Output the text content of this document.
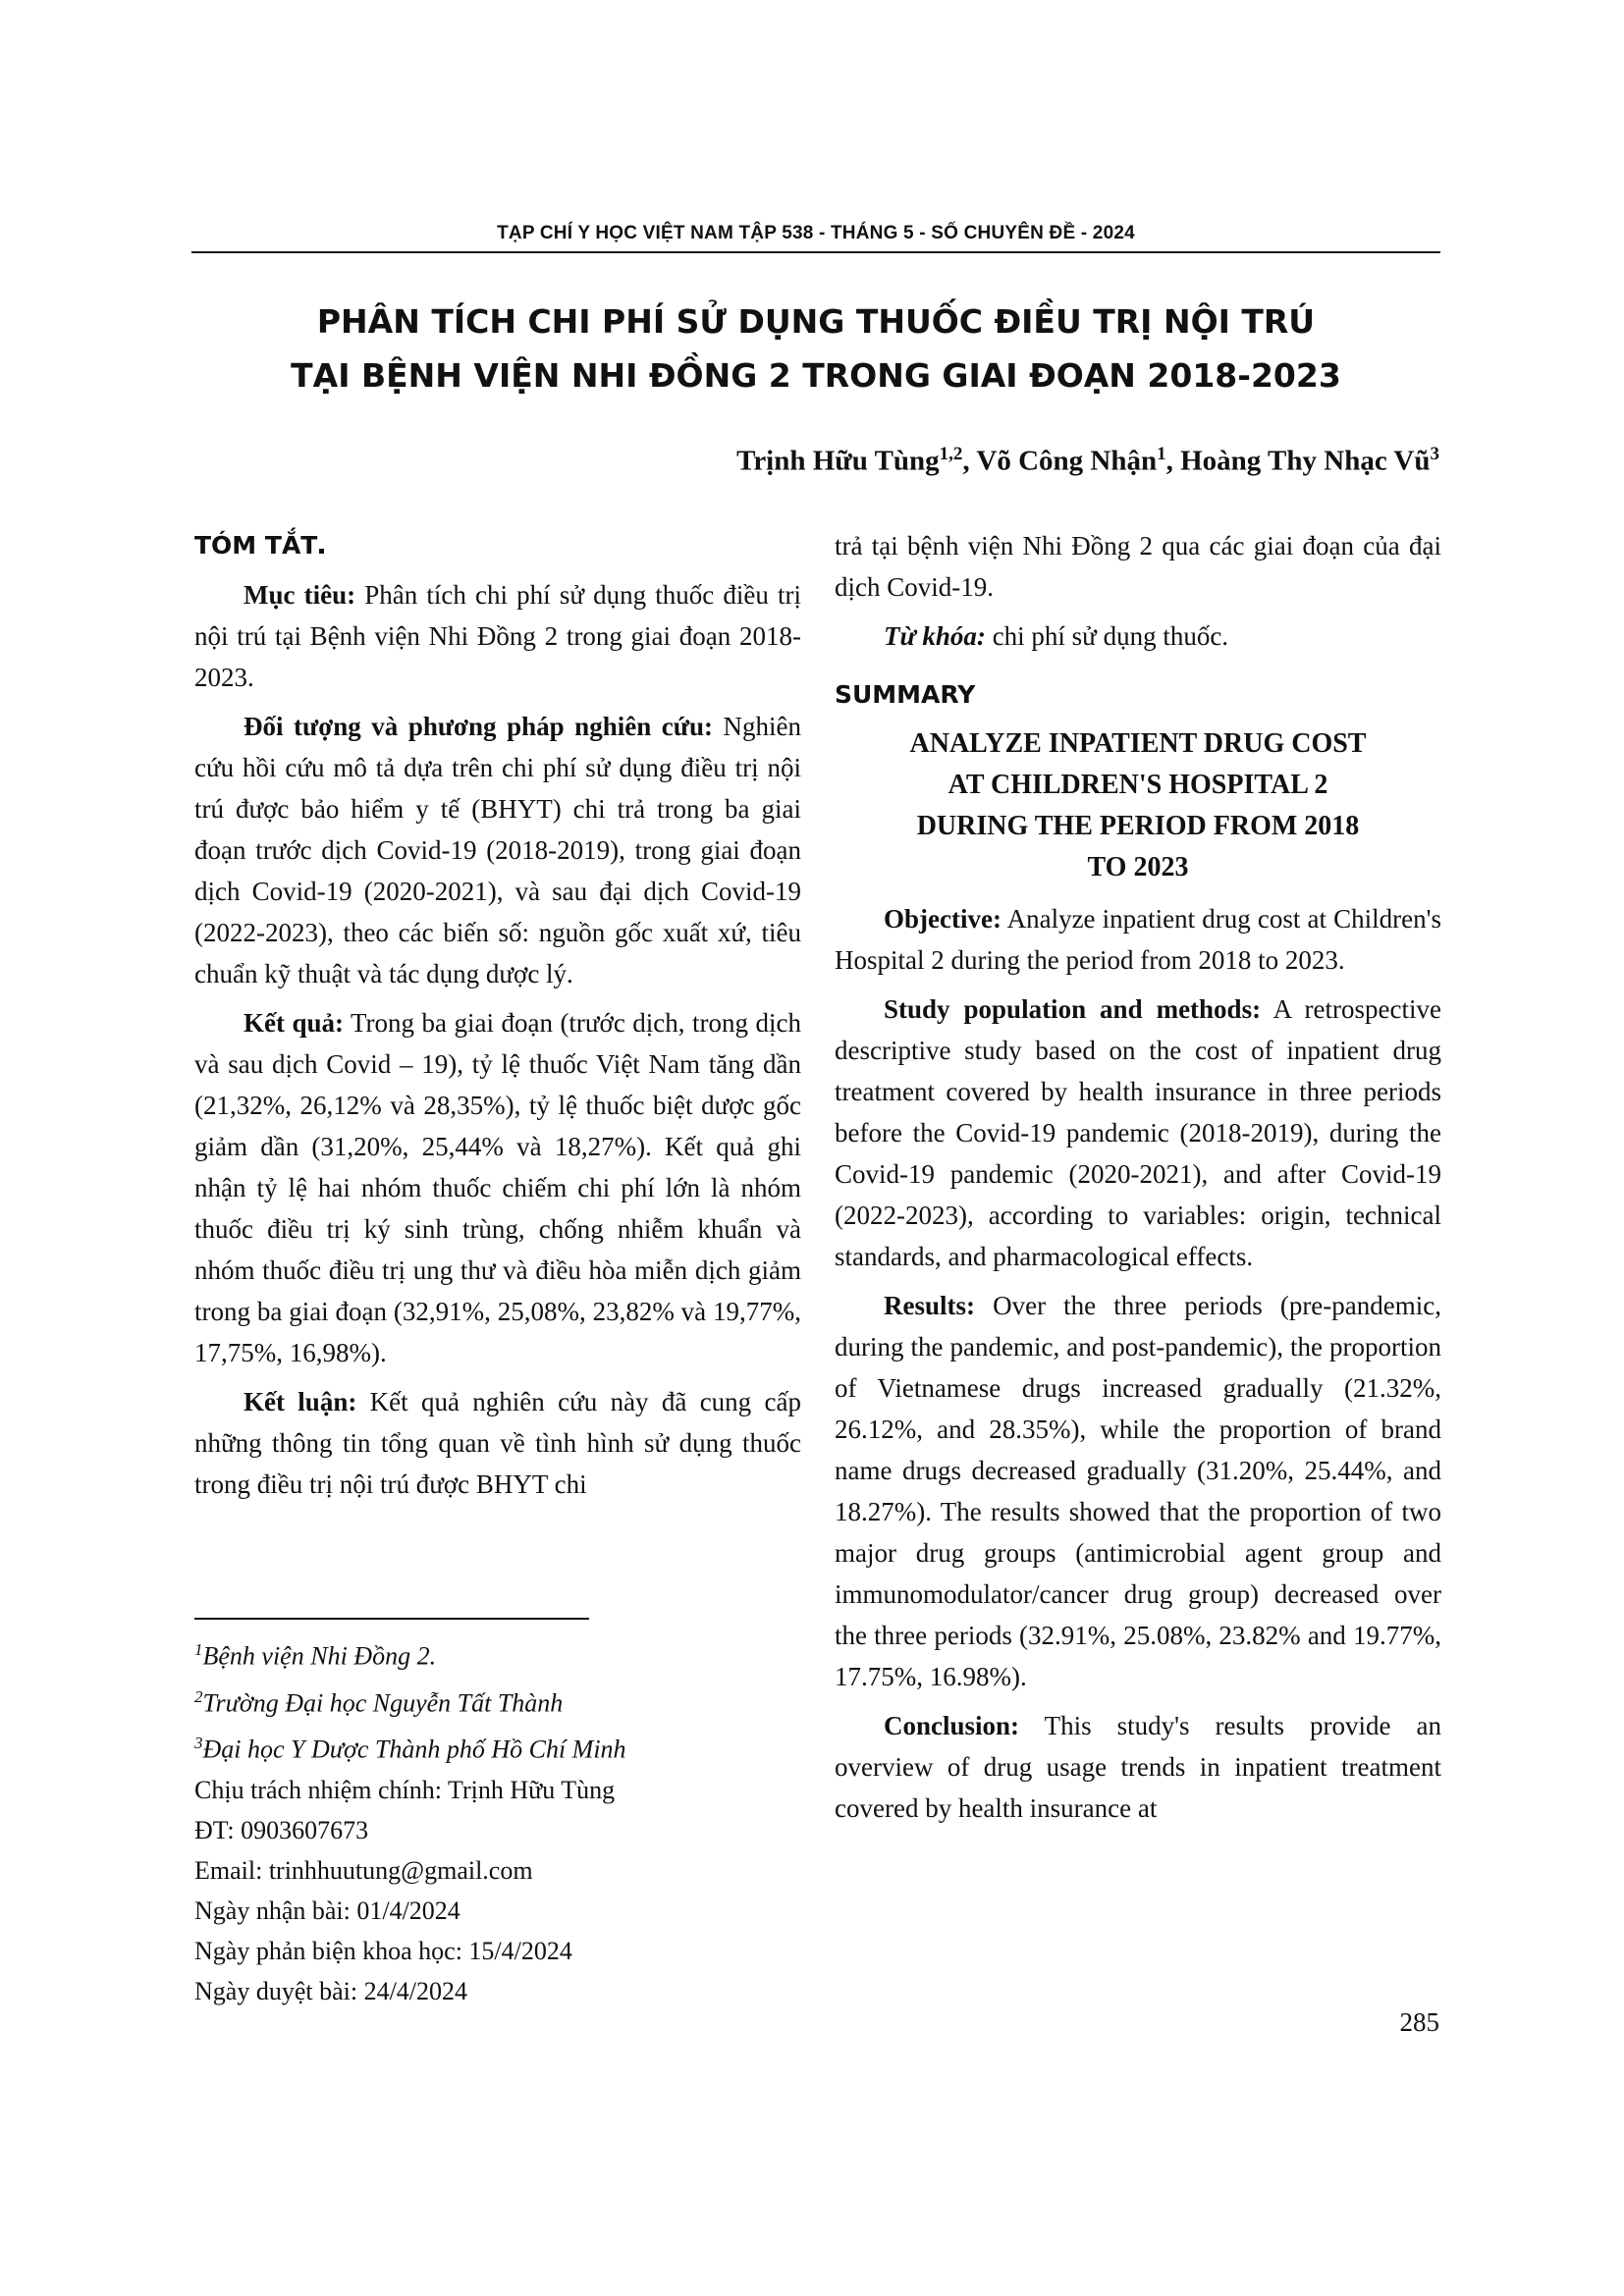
TẠP CHÍ Y HỌC VIỆT NAM TẬP 538 - THÁNG 5 - SỐ CHUYÊN ĐỀ - 2024
PHÂN TÍCH CHI PHÍ SỬ DỤNG THUỐC ĐIỀU TRỊ NỘI TRÚ
TẠI BỆNH VIỆN NHI ĐỒNG 2 TRONG GIAI ĐOẠN 2018-2023
Trịnh Hữu Tùng$^{1,2}$, Võ Công Nhận$^1$, Hoàng Thy Nhạc $Vũ^3$
TÓM TẮT

Mục tiêu: Phân tích chi phí sử dụng thuốc điều trị nội trú tại Bệnh viện Nhi Đồng 2 trong giai đoạn 2018-2023.

Đối tượng và phương pháp nghiên cứu: Nghiên cứu hồi cứu mô tả dựa trên chi phí sử dụng điều trị nội trú được bảo hiểm y tế (BHYT) chi trả trong ba giai đoạn trước dịch Covid-19 (2018-2019), trong giai đoạn dịch Covid-19 (2020-2021), và sau đại dịch Covid-19 (2022-2023), theo các biến số: nguồn gốc xuất xứ, tiêu chuẩn kỹ thuật và tác dụng dược lý.

Kết quả: Trong ba giai đoạn (trước dịch, trong dịch và sau dịch Covid – 19), tỷ lệ thuốc Việt Nam tăng dần (21,32%, 26,12% và 28,35%), tỷ lệ thuốc biệt dược gốc giảm dần (31,20%, 25,44% và 18,27%). Kết quả ghi nhận tỷ lệ hai nhóm thuốc chiếm chi phí lớn là nhóm thuốc điều trị ký sinh trùng, chống nhiễm khuẩn và nhóm thuốc điều trị ung thư và điều hòa miễn dịch giảm trong ba giai đoạn (32,91%, 25,08%, 23,82% và 19,77%, 17,75%, 16,98%).

Kết luận: Kết quả nghiên cứu này đã cung cấp những thông tin tổng quan về tình hình sử dụng thuốc trong điều trị nội trú được BHYT chi

$^1$Bệnh viện Nhi Đồng 2.
$^2$Trường Đại học Nguyễn Tất Thành
$^3$Đại học Y Dược Thành phố Hồ Chí Minh
Chịu trách nhiệm chính: Trịnh Hữu Tùng
ĐT: 0903607673
Email: trinhhuutung@gmail.com
Ngày nhận bài: 01/4/2024
Ngày phản biện khoa học: 15/4/2024
Ngày duyệt bài: 24/4/2024

trả tại bệnh viện Nhi Đồng 2 qua các giai đoạn của đại dịch Covid-19.

Từ khóa: chi phí sử dụng thuốc.

SUMMARY
ANALYZE INPATIENT DRUG COST
AT CHILDREN'S HOSPITAL 2
DURING THE PERIOD FROM 2018
TO 2023

Objective: Analyze inpatient drug cost at Children's Hospital 2 during the period from 2018 to 2023.

Study population and methods: A retrospective descriptive study based on the cost of inpatient drug treatment covered by health insurance in three periods before the Covid-19 pandemic (2018-2019), during the Covid-19 pandemic (2020-2021), and after Covid-19 (2022-2023), according to variables: origin, technical standards, and pharmacological effects.

Results: Over the three periods (pre-pandemic, during the pandemic, and post-pandemic), the proportion of Vietnamese drugs increased gradually (21.32%, 26.12%, and 28.35%), while the proportion of brand name drugs decreased gradually (31.20%, 25.44%, and 18.27%). The results showed that the proportion of two major drug groups (antimicrobial agent group and immunomodulator/cancer drug group) decreased over the three periods (32.91%, 25.08%, 23.82% and 19.77%, 17.75%, 16.98%).

Conclusion: This study's results provide an overview of drug usage trends in inpatient treatment covered by health insurance at

285
